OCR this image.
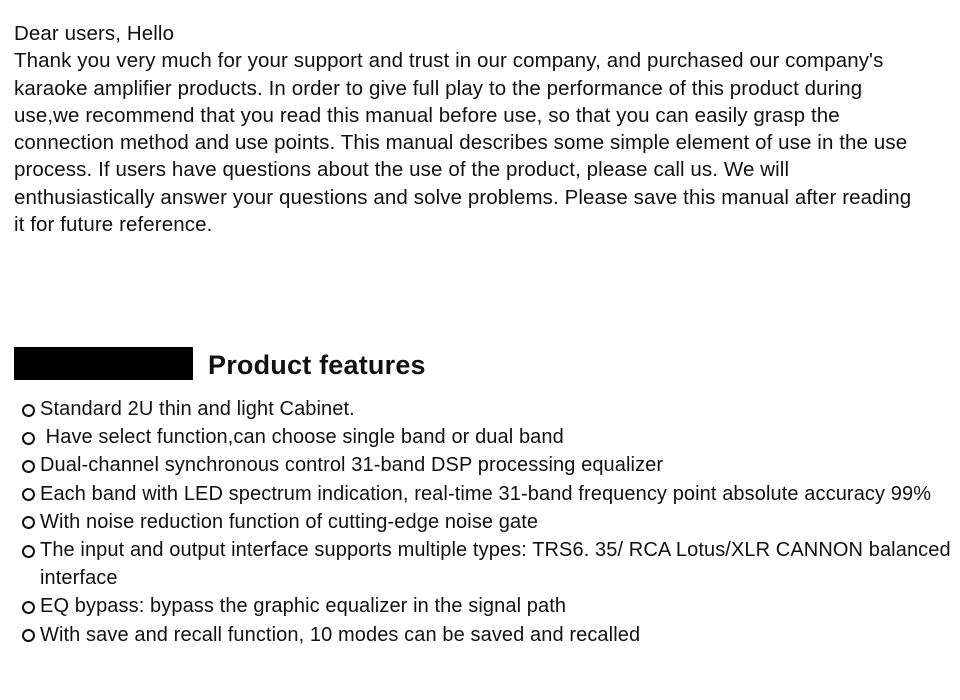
Dear users, Hello

Thank you very much for your support and trust in our company, and purchased our company's karaoke amplifier products. In order to give full play to the performance of this product during use,we recommend that you read this manual before use, so that you can easily grasp the connection method and use points. This manual describes some simple element of use in the use process. If users have questions about the use of the product, please call us. We will enthusiastically answer your questions and solve problems. Please save this manual after reading it for future reference.

Product features
Standard 2U thin and light Cabinet.
Have select function,can choose single band or dual band
Dual-channel synchronous control 31-band DSP processing equalizer
Each band with LED spectrum indication, real-time 31-band frequency point absolute accuracy 99%
With noise reduction function of cutting-edge noise gate
The input and output interface supports multiple types: TRS6. 35/ RCA Lotus/XLR CANNON balanced interface
EQ bypass: bypass the graphic equalizer in the signal path
With save and recall function, 10 modes can be saved and recalled
